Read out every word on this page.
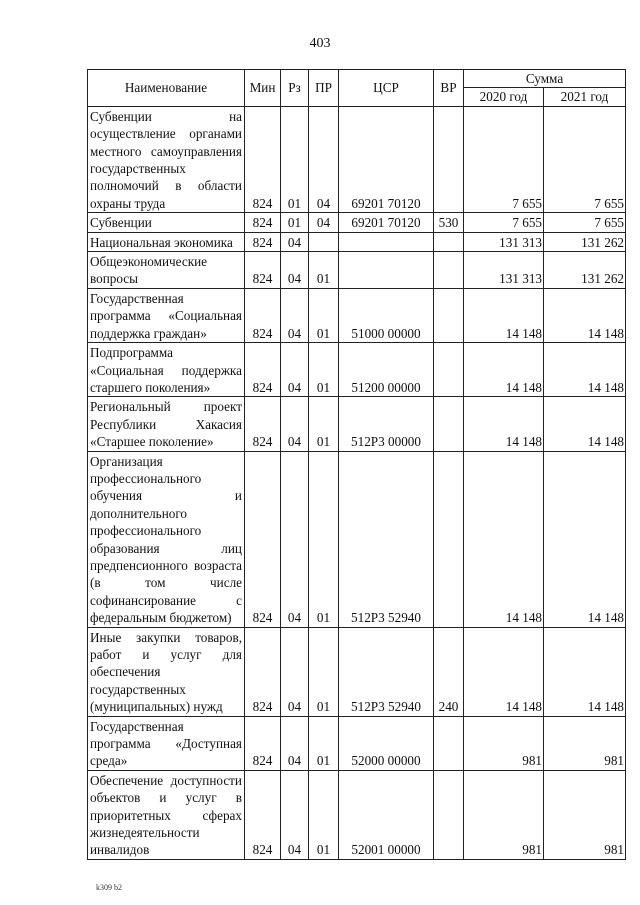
403
Наименование	Мин	Рз	ПР	ЦСР	ВР	Сумма	
						2020 год	2021 год
Субвенции на осуществление органами местного самоуправления государственных полномочий в области охраны труда	824	01	04	69201 70120		7 655	7 655
Субвенции	824	01	04	69201 70120	530	7 655	7 655
Национальная экономика	824	04				131 313	131 262
Общеэкономические вопросы	824	04	01			131 313	131 262
Государственная программа «Социальная поддержка граждан»	824	04	01	51000 00000		14 148	14 148
Подпрограмма «Социальная поддержка старшего поколения»	824	04	01	51200 00000		14 148	14 148
Региональный проект Республики Хакасия «Старшее поколение»	824	04	01	512P3 00000		14 148	14 148
Организация профессионального обучения и дополнительного профессионального образования лиц предпенсионного возраста (в том числе софинансирование с федеральным бюджетом)	824	04	01	512P3 52940		14 148	14 148
Иные закупки товаров, работ и услуг для обеспечения государственных (муниципальных) нужд	824	04	01	512P3 52940	240	14 148	14 148
Государственная программа «Доступная среда»	824	04	01	52000 00000		981	981
Обеспечение доступности объектов и услуг в приоритетных сферах жизнедеятельности инвалидов	824	04	01	52001 00000		981	981
k309 b2
